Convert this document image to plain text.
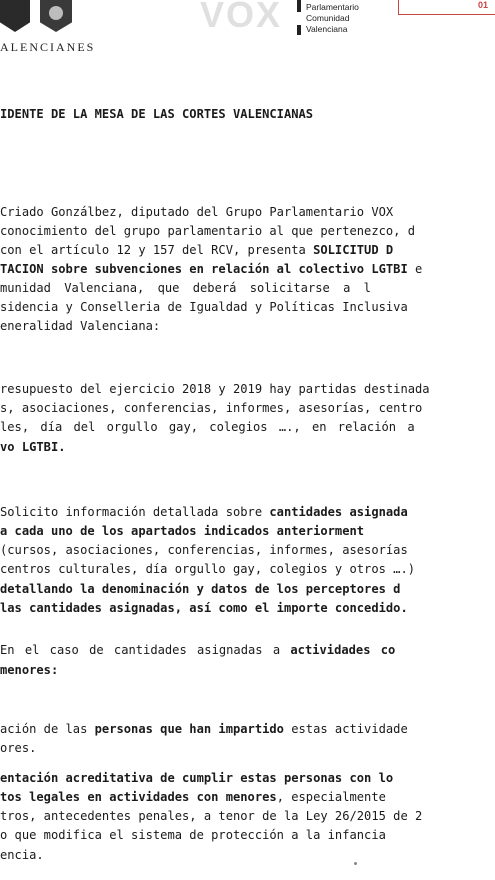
ALENCIANES
VOX	Parlamentario
Comunidad
Valenciana
01
IDENTE DE LA MESA DE LAS CORTES VALENCIANAS
Criado Gonzálbez, diputado del Grupo Parlamentario VOX
conocimiento del grupo parlamentario al que pertenezco, d
con el artículo 12 y 157 del RCV, presenta SOLICITUD D
TACION sobre subvenciones en relación al colectivo LGTBI e
munidad Valenciana, que deberá solicitarse a l
sidencia y Conselleria de Igualdad y Políticas Inclusiva
eneralidad Valenciana:
resupuesto del ejercicio 2018 y 2019 hay partidas destinada
s, asociaciones, conferencias, informes, asesorías, centro
les, día del orgullo gay, colegios …., en relación a
vo LGTBI.
Solicito información detallada sobre cantidades asignada
a cada uno de los apartados indicados anteriorment
(cursos, asociaciones, conferencias, informes, asesorías
centros culturales, día orgullo gay, colegios y otros ….)
detallando la denominación y datos de los perceptores d
las cantidades asignadas, así como el importe concedido.
En el caso de cantidades asignadas a actividades co
menores:
ación de las personas que han impartido estas actividade
ores.
entación acreditativa de cumplir estas personas con lo
tos legales en actividades con menores, especialmente
tros, antecedentes penales, a tenor de la Ley 26/2015 de 2
o que modifica el sistema de protección a la infancia
encia.
